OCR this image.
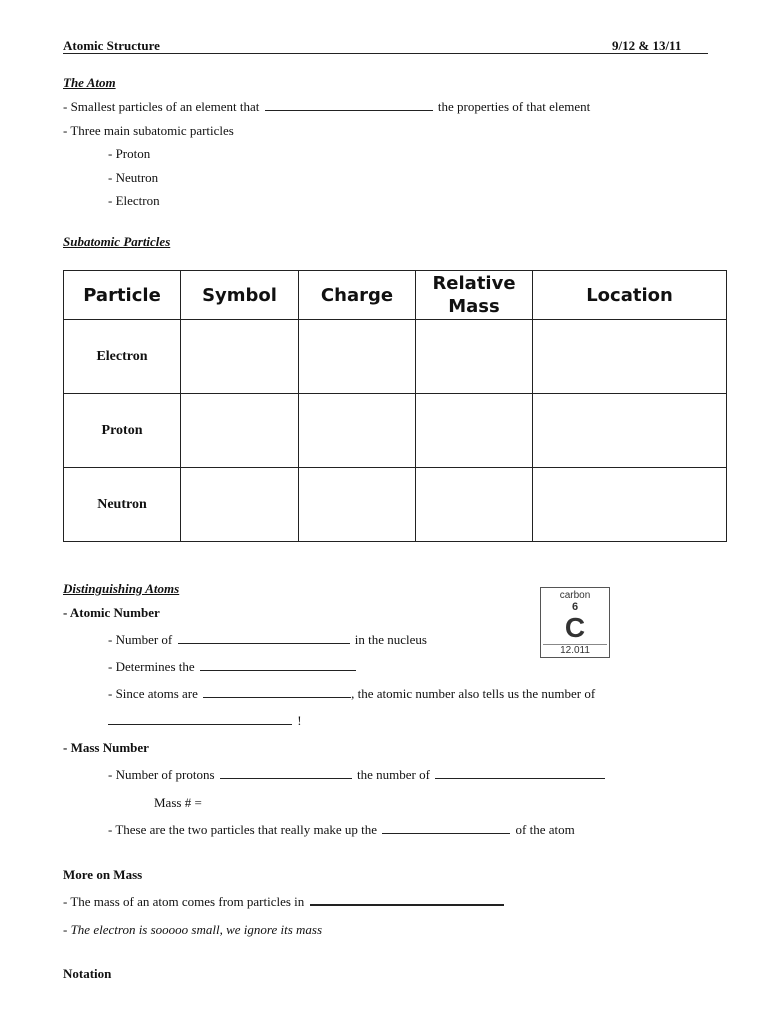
Atomic Structure	9/12 & 13/11
The Atom
- Smallest particles of an element that	the properties of that element
- Three main subatomic particles
- Proton
- Neutron
- Electron
Subatomic Particles
Particle	Symbol	Charge	Relative Mass	Location
Electron				
Proton				
Neutron				
Distinguishing Atoms
- Atomic Number
- Number of	in the nucleus
- Determines the
- Since atoms are	, the atomic number also tells us the number of
!
- Mass Number
- Number of protons	the number of
Mass # =
- These are the two particles that really make up the	of the atom
carbon
6
C
12.011
More on Mass
- The mass of an atom comes from particles in
- The electron is sooooo small, we ignore its mass
Notation
